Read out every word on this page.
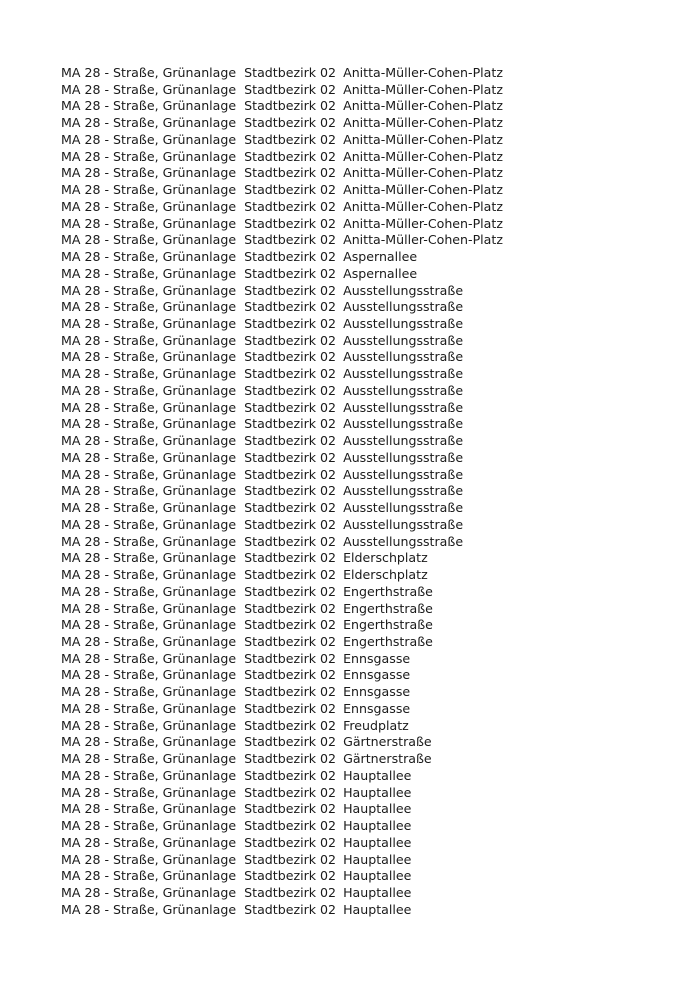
MA 28 - Straße, Grünanlage	Stadtbezirk 02	Anitta-Müller-Cohen-Platz
MA 28 - Straße, Grünanlage	Stadtbezirk 02	Anitta-Müller-Cohen-Platz
MA 28 - Straße, Grünanlage	Stadtbezirk 02	Anitta-Müller-Cohen-Platz
MA 28 - Straße, Grünanlage	Stadtbezirk 02	Anitta-Müller-Cohen-Platz
MA 28 - Straße, Grünanlage	Stadtbezirk 02	Anitta-Müller-Cohen-Platz
MA 28 - Straße, Grünanlage	Stadtbezirk 02	Anitta-Müller-Cohen-Platz
MA 28 - Straße, Grünanlage	Stadtbezirk 02	Anitta-Müller-Cohen-Platz
MA 28 - Straße, Grünanlage	Stadtbezirk 02	Anitta-Müller-Cohen-Platz
MA 28 - Straße, Grünanlage	Stadtbezirk 02	Anitta-Müller-Cohen-Platz
MA 28 - Straße, Grünanlage	Stadtbezirk 02	Anitta-Müller-Cohen-Platz
MA 28 - Straße, Grünanlage	Stadtbezirk 02	Anitta-Müller-Cohen-Platz
MA 28 - Straße, Grünanlage	Stadtbezirk 02	Aspernallee
MA 28 - Straße, Grünanlage	Stadtbezirk 02	Aspernallee
MA 28 - Straße, Grünanlage	Stadtbezirk 02	Ausstellungsstraße
MA 28 - Straße, Grünanlage	Stadtbezirk 02	Ausstellungsstraße
MA 28 - Straße, Grünanlage	Stadtbezirk 02	Ausstellungsstraße
MA 28 - Straße, Grünanlage	Stadtbezirk 02	Ausstellungsstraße
MA 28 - Straße, Grünanlage	Stadtbezirk 02	Ausstellungsstraße
MA 28 - Straße, Grünanlage	Stadtbezirk 02	Ausstellungsstraße
MA 28 - Straße, Grünanlage	Stadtbezirk 02	Ausstellungsstraße
MA 28 - Straße, Grünanlage	Stadtbezirk 02	Ausstellungsstraße
MA 28 - Straße, Grünanlage	Stadtbezirk 02	Ausstellungsstraße
MA 28 - Straße, Grünanlage	Stadtbezirk 02	Ausstellungsstraße
MA 28 - Straße, Grünanlage	Stadtbezirk 02	Ausstellungsstraße
MA 28 - Straße, Grünanlage	Stadtbezirk 02	Ausstellungsstraße
MA 28 - Straße, Grünanlage	Stadtbezirk 02	Ausstellungsstraße
MA 28 - Straße, Grünanlage	Stadtbezirk 02	Ausstellungsstraße
MA 28 - Straße, Grünanlage	Stadtbezirk 02	Ausstellungsstraße
MA 28 - Straße, Grünanlage	Stadtbezirk 02	Ausstellungsstraße
MA 28 - Straße, Grünanlage	Stadtbezirk 02	Elderschplatz
MA 28 - Straße, Grünanlage	Stadtbezirk 02	Elderschplatz
MA 28 - Straße, Grünanlage	Stadtbezirk 02	Engerthstraße
MA 28 - Straße, Grünanlage	Stadtbezirk 02	Engerthstraße
MA 28 - Straße, Grünanlage	Stadtbezirk 02	Engerthstraße
MA 28 - Straße, Grünanlage	Stadtbezirk 02	Engerthstraße
MA 28 - Straße, Grünanlage	Stadtbezirk 02	Ennsgasse
MA 28 - Straße, Grünanlage	Stadtbezirk 02	Ennsgasse
MA 28 - Straße, Grünanlage	Stadtbezirk 02	Ennsgasse
MA 28 - Straße, Grünanlage	Stadtbezirk 02	Ennsgasse
MA 28 - Straße, Grünanlage	Stadtbezirk 02	Freudplatz
MA 28 - Straße, Grünanlage	Stadtbezirk 02	Gärtnerstraße
MA 28 - Straße, Grünanlage	Stadtbezirk 02	Gärtnerstraße
MA 28 - Straße, Grünanlage	Stadtbezirk 02	Hauptallee
MA 28 - Straße, Grünanlage	Stadtbezirk 02	Hauptallee
MA 28 - Straße, Grünanlage	Stadtbezirk 02	Hauptallee
MA 28 - Straße, Grünanlage	Stadtbezirk 02	Hauptallee
MA 28 - Straße, Grünanlage	Stadtbezirk 02	Hauptallee
MA 28 - Straße, Grünanlage	Stadtbezirk 02	Hauptallee
MA 28 - Straße, Grünanlage	Stadtbezirk 02	Hauptallee
MA 28 - Straße, Grünanlage	Stadtbezirk 02	Hauptallee
MA 28 - Straße, Grünanlage	Stadtbezirk 02	Hauptallee
